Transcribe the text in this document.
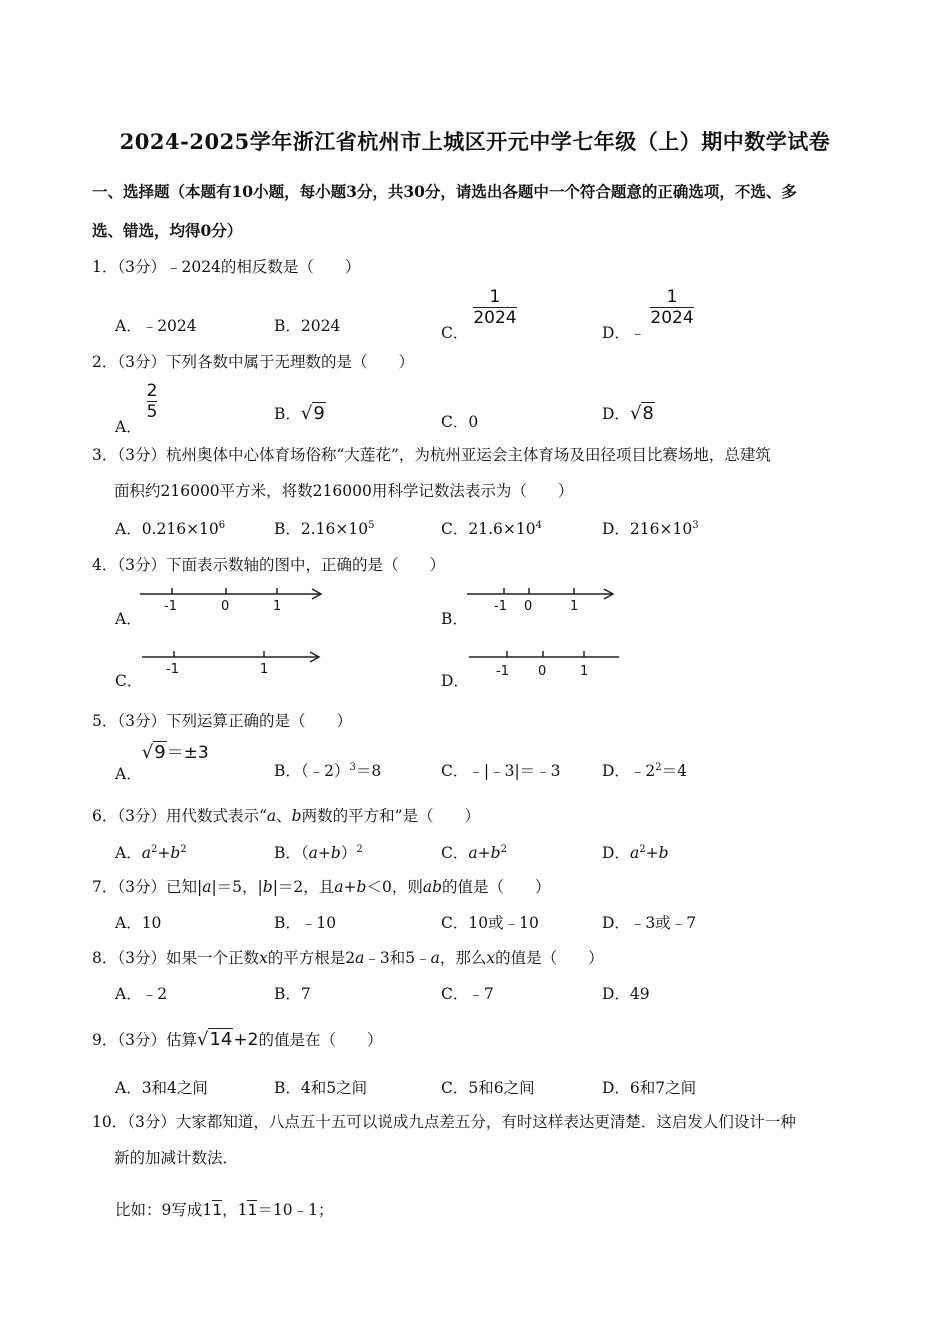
2024-2025学年浙江省杭州市上城区开元中学七年级（上）期中数学试卷
一、选择题（本题有10小题，每小题3分，共30分，请选出各题中一个符合题意的正确选项，不选、多
选、错选，均得0分）
1．（3分）﹣2024的相反数是（　　）
A．﹣2024	B．2024	C．
$\frac{1}{2024}$
D．﹣
$\frac{1}{2024}$
2．（3分）下列各数中属于无理数的是（　　）
A．
$\frac{2}{5}$	B．√9	C．0	D．√8
3．（3分）杭州奥体中心体育场俗称“大莲花”，为杭州亚运会主体育场及田径项目比赛场地，总建筑
面积约216000平方米，将数216000用科学记数法表示为（　　）
A．$0.216\times 10^6$	B．$2.16\times 10^5$	C．$21.6\times 10^4$	D．$216\times 10^3$
4．（3分）下面表示数轴的图中，正确的是（　　）
A．
-1	0	1
B．
-1 0	1
C．
-1	1
D．
-1 0	1
5．（3分）下列运算正确的是（　　）
A．√9＝±3
B．（﹣2）$^3$＝8	C．﹣|﹣3|＝﹣3	D．$﹣2^2=4$
6．（3分）用代数式表示“a、b两数的平方和”是（　　）
A．$a^2+b^2$	B．$(a+b)^2$	C．$a+b^2$	D．$a^2+b$
7．（3分）已知|a|＝5，|b|＝2，且a+b＜0，则ab的值是（　　）
A．10	B．﹣10	C．10或﹣10	D．﹣3或﹣7
8．（3分）如果一个正数x的平方根是2a﹣3和5﹣a，那么x的值是（　　）
A．﹣2	B．7	C．﹣7	D．49
9．（3分）估算√14+2的值是在（　　）
A．3和4之间	B．4和5之间	C．5和6之间	D．6和7之间
10．（3分）大家都知道，八点五十五可以说成九点差五分，有时这样表达更清楚．这启发人们设计一种
新的加减计数法．
比如：9写成11，11＝10﹣1；
